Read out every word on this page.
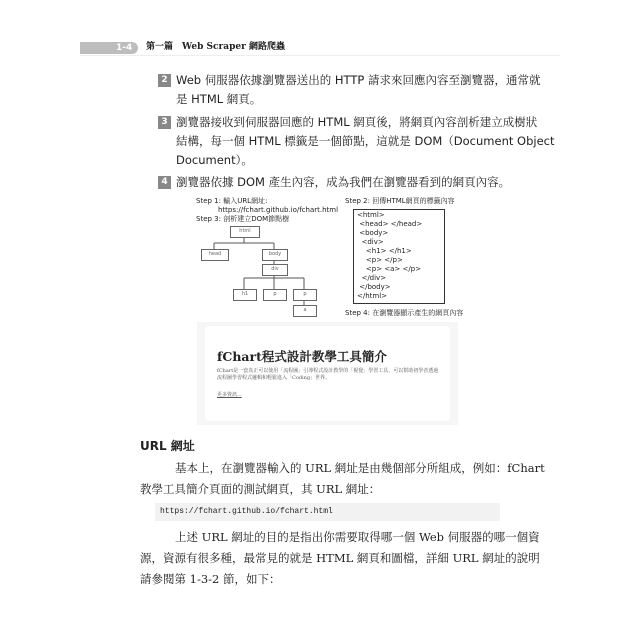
1-4 第一篇　Web Scraper 網路爬蟲
2 Web 伺服器依據瀏覽器送出的 HTTP 請求來回應內容至瀏覽器，通常就
是 HTML 網頁。
3 瀏覽器接收到伺服器回應的 HTML 網頁後，將網頁內容剖析建立成樹狀
結構，每一個 HTML 標籤是一個節點，這就是 DOM（Document Object
Document）。
4 瀏覽器依據 DOM 產生內容，成為我們在瀏覽器看到的網頁內容。
Step 1: 輸入URL網址:
https://fchart.github.io/fchart.html
Step 3: 剖析建立DOM節點樹
Step 2: 回傳HTML網頁的標籤內容
Step 4: 在瀏覽器顯示產生的網頁內容
<html>
<head> </head>
<body>
<div>
<h1> </h1>
<p> </p>
<p> <a> </p>
</div>
</body>
</html>
html
head	body
div
h1	p	p
a
fChart程式設計教學工具簡介
fChart是一套真正可以使用「流程圖」引導程式設計教學的「視覺」學習工具，可以幫助初學者透過流程圖學習程式邏輯和輕鬆進入「Coding」世界。
更多資訊...
URL 網址
基本上，在瀏覽器輸入的 URL 網址是由幾個部分所組成，例如：fChart
教學工具簡介頁面的測試網頁，其 URL 網址：
https://fchart.github.io/fchart.html
上述 URL 網址的目的是指出你需要取得哪一個 Web 伺服器的哪一個資
源，資源有很多種，最常見的就是 HTML 網頁和圖檔，詳細 URL 網址的說明
請參閱第 1-3-2 節，如下：
